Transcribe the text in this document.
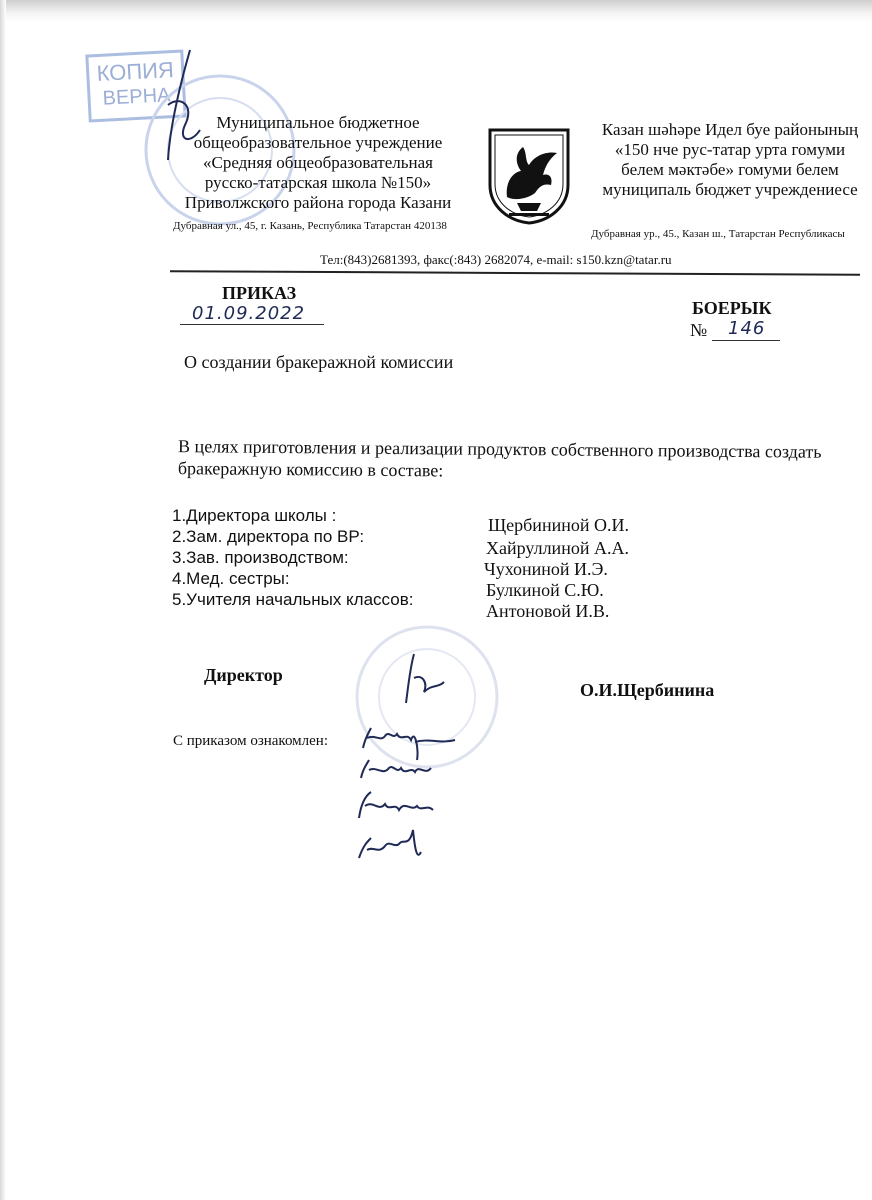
КОПИЯ
ВЕРНА
Муниципальное бюджетное
общеобразовательное учреждение
«Средняя общеобразовательная
русско-татарская школа №150»
Приволжского района города Казани
Дубравная ул., 45, г. Казань, Республика Татарстан 420138
Казан шәһәре Идел буе районының
«150 нче рус-татар урта гомуми
белем мәктәбе» гомуми белем
муниципаль бюджет учреждениесе
Дубравная ур., 45., Казан ш., Татарстан Республикасы
Тел:(843)2681393, факс(:843) 2682074, e-mail: s150.kzn@tatar.ru
ПРИКАЗ
01.09.2022	БОЕРЫК
№ 146
О создании бракеражной комиссии
В целях приготовления и реализации продуктов собственного производства создать бракеражную комиссию в составе:
1.Директора школы :	Щербининой О.И.
2.Зам. директора по ВР:
Хайруллиной А.А.
3.Зав. производством:
Чухониной И.Э.
4.Мед. сестры:
Булкиной С.Ю.
5.Учителя начальных классов:
Антоновой И.В.
Директор
О.И.Щербинина
С приказом ознакомлен:
